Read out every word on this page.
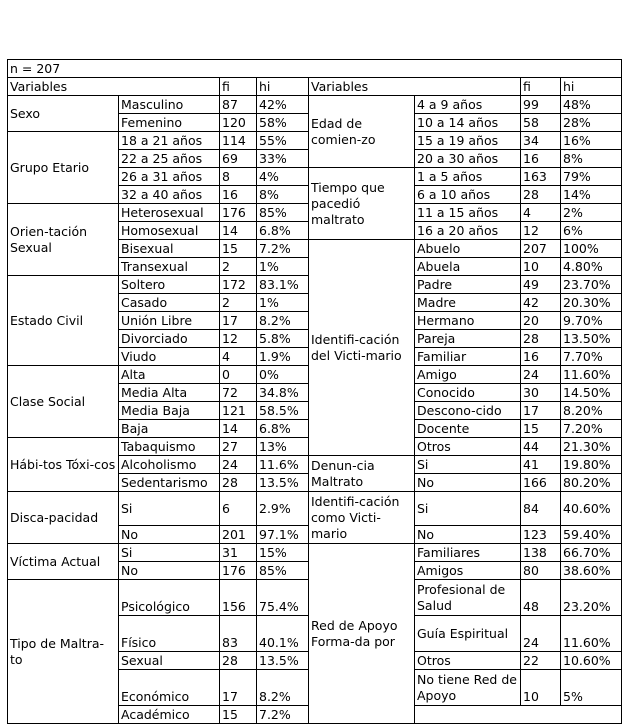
n = 207							
Variables		fi	hi	Variables		fi	hi
Sexo	Masculino	87	42%	Edad de comien-zo	4 a 9 años	99	48%
	Femenino	120	58%		10 a 14 años	58	28%
Grupo Etario	18 a 21 años	114	55%		15 a 19 años	34	16%
	22 a 25 años	69	33%		20 a 30 años	16	8%
	26 a 31 años	8	4%	Tiempo que pacedió maltrato	1 a 5 años	163	79%
	32 a 40 años	16	8%		6 a 10 años	28	14%
Orien-tación Sexual	Heterosexual	176	85%		11 a 15 años	4	2%
	Homosexual	14	6.8%		16 a 20 años	12	6%
	Bisexual	15	7.2%	Identifi-cación del Victi-mario	Abuelo	207	100%
	Transexual	2	1%		Abuela	10	4.80%
Estado Civil	Soltero	172	83.1%		Padre	49	23.70%
	Casado	2	1%		Madre	42	20.30%
	Unión Libre	17	8.2%		Hermano	20	9.70%
	Divorciado	12	5.8%		Pareja	28	13.50%
	Viudo	4	1.9%		Familiar	16	7.70%
Clase Social	Alta	0	0%		Amigo	24	11.60%
	Media Alta	72	34.8%		Conocido	30	14.50%
	Media Baja	121	58.5%		Descono-cido	17	8.20%
	Baja	14	6.8%		Docente	15	7.20%
Hábi-tos Tóxi-cos	Tabaquismo	27	13%		Otros	44	21.30%
	Alcoholismo	24	11.6%	Denun-cia Maltrato	Si	41	19.80%
	Sedentarismo	28	13.5%		No	166	80.20%
Disca-pacidad	Si	6	2.9%	Identifi-cación como Victi-mario	Si	84	40.60%
	No	201	97.1%		No	123	59.40%
Víctima Actual	Si	31	15%	Red de Apoyo Forma-da por	Familiares	138	66.70%
	No	176	85%		Amigos	80	38.60%
Tipo de Maltra-to	Psicológico	156	75.4%		Profesional de Salud	48	23.20%
	Físico	83	40.1%		Guía Espiritual	24	11.60%
	Sexual	28	13.5%		Otros	22	10.60%
	Económico	17	8.2%		No tiene Red de Apoyo	10	5%
	Académico	15	7.2%				
